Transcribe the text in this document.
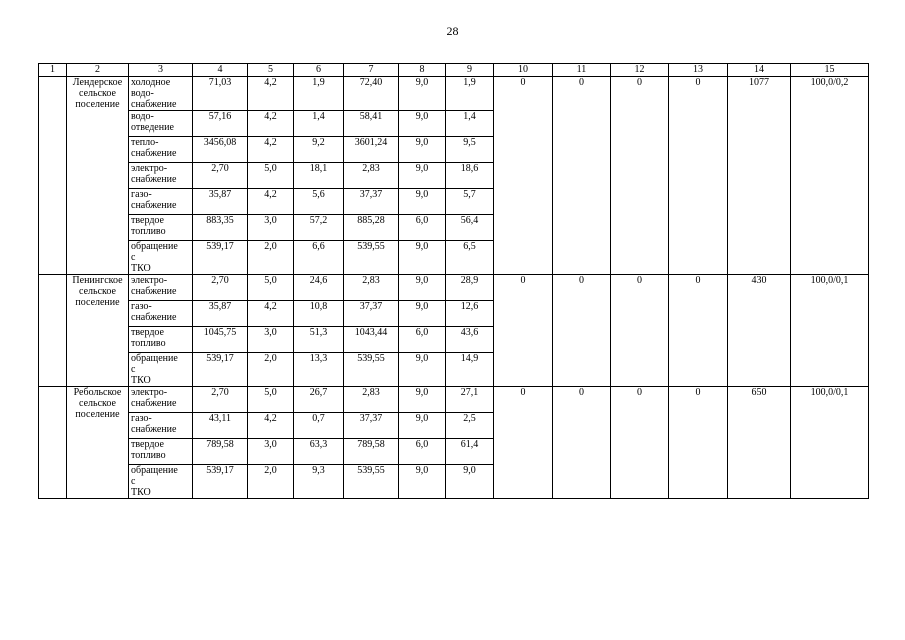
28
1	2	3	4	5	6	7	8	9	10	11	12	13	14	15
	Лендерское сельское поселение	холодное
водо-
снабжение	71,03	4,2	1,9	72,40	9,0	1,9	0	0	0	0	1077	100,0/0,2
		водо-
отведение	57,16	4,2	1,4	58,41	9,0	1,4						
		тепло-
снабжение	3456,08	4,2	9,2	3601,24	9,0	9,5						
		электро-
снабжение	2,70	5,0	18,1	2,83	9,0	18,6						
		газо-
снабжение	35,87	4,2	5,6	37,37	9,0	5,7						
		твердое
топливо	883,35	3,0	57,2	885,28	6,0	56,4						
		обращение
с
ТКО	539,17	2,0	6,6	539,55	9,0	6,5						
	Пенингское сельское поселение	электро-
снабжение	2,70	5,0	24,6	2,83	9,0	28,9	0	0	0	0	430	100,0/0,1
		газо-
снабжение	35,87	4,2	10,8	37,37	9,0	12,6						
		твердое
топливо	1045,75	3,0	51,3	1043,44	6,0	43,6						
		обращение
с
ТКО	539,17	2,0	13,3	539,55	9,0	14,9						
	Ребольское сельское поселение	электро-
снабжение	2,70	5,0	26,7	2,83	9,0	27,1	0	0	0	0	650	100,0/0,1
		газо-
снабжение	43,11	4,2	0,7	37,37	9,0	2,5						
		твердое
топливо	789,58	3,0	63,3	789,58	6,0	61,4						
		обращение
с
ТКО	539,17	2,0	9,3	539,55	9,0	9,0						
